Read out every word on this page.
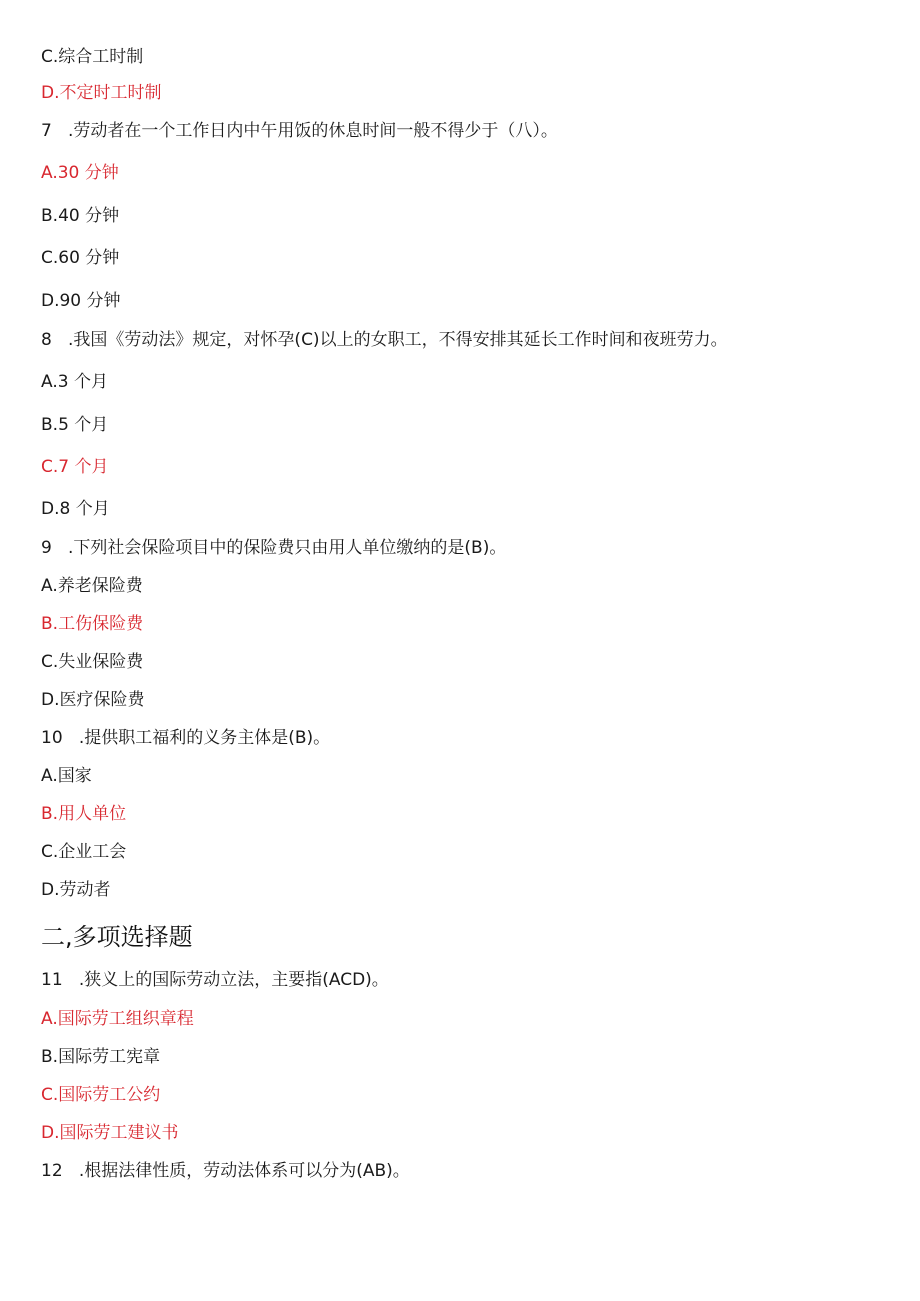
C.综合工时制
D.不定时工时制
7   .劳动者在一个工作日内中午用饭的休息时间一般不得少于（八）。
A.30 分钟
B.40 分钟
C.60 分钟
D.90 分钟
8   .我国《劳动法》规定，对怀孕(C)以上的女职工，不得安排其延长工作时间和夜班劳力。
A.3 个月
B.5 个月
C.7 个月
D.8 个月
9   .下列社会保险项目中的保险费只由用人单位缴纳的是(B)。
A.养老保险费
B.工伤保险费
C.失业保险费
D.医疗保险费
10   .提供职工福利的义务主体是(B)。
A.国家
B.用人单位
C.企业工会
D.劳动者
二,多项选择题
11   .狭义上的国际劳动立法，主要指(ACD)。
A.国际劳工组织章程
B.国际劳工宪章
C.国际劳工公约
D.国际劳工建议书
12   .根据法律性质，劳动法体系可以分为(AB)。
